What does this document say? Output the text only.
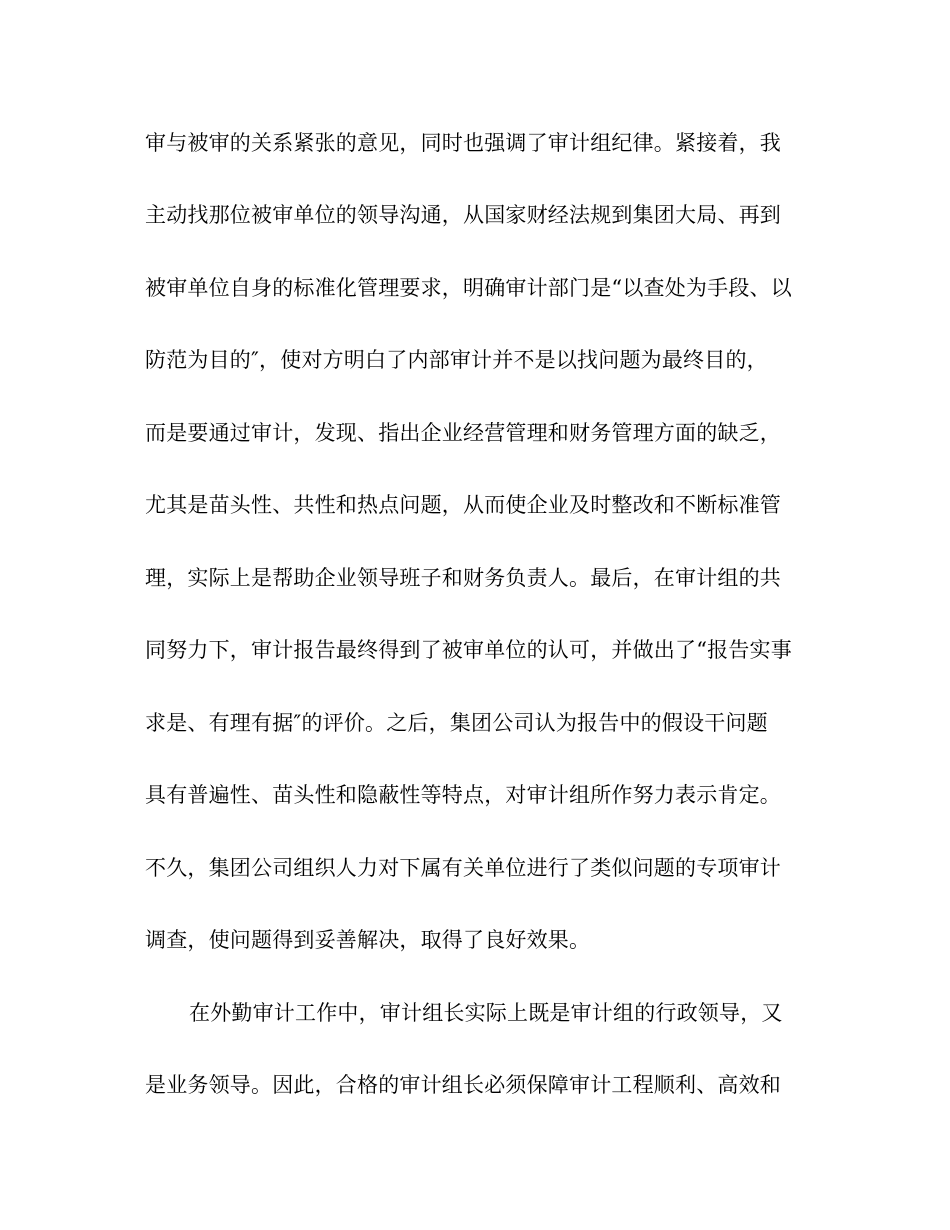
审与被审的关系紧张的意见，同时也强调了审计组纪律。紧接着，我
主动找那位被审单位的领导沟通，从国家财经法规到集团大局、再到
被审单位自身的标准化管理要求，明确审计部门是“以查处为手段、以
防范为目的″，使对方明白了内部审计并不是以找问题为最终目的，
而是要通过审计，发现、指出企业经营管理和财务管理方面的缺乏，
尤其是苗头性、共性和热点问题，从而使企业及时整改和不断标准管
理，实际上是帮助企业领导班子和财务负责人。最后，在审计组的共
同努力下，审计报告最终得到了被审单位的认可，并做出了“报告实事
求是、有理有据″的评价。之后，集团公司认为报告中的假设干问题
具有普遍性、苗头性和隐蔽性等特点，对审计组所作努力表示肯定。
不久，集团公司组织人力对下属有关单位进行了类似问题的专项审计
调查，使问题得到妥善解决，取得了良好效果。
在外勤审计工作中，审计组长实际上既是审计组的行政领导，又
是业务领导。因此，合格的审计组长必须保障审计工程顺利、高效和
